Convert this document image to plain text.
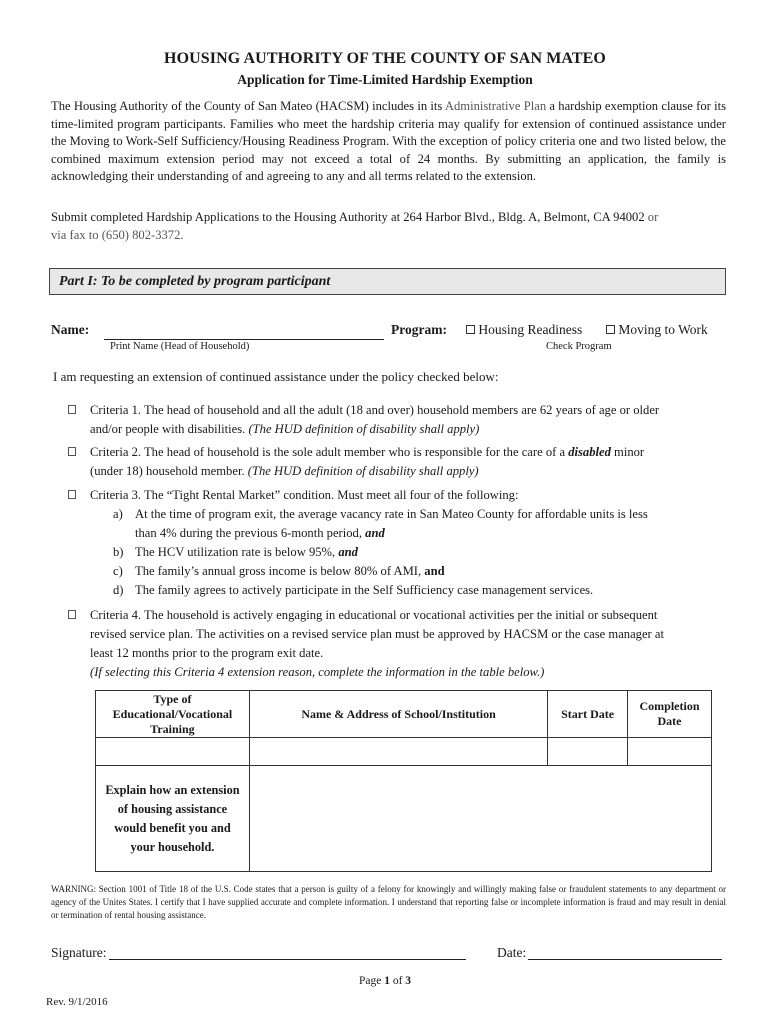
HOUSING AUTHORITY OF THE COUNTY OF SAN MATEO
Application for Time-Limited Hardship Exemption
The Housing Authority of the County of San Mateo (HACSM) includes in its Administrative Plan a hardship exemption clause for its time-limited program participants. Families who meet the hardship criteria may qualify for extension of continued assistance under the Moving to Work-Self Sufficiency/Housing Readiness Program. With the exception of policy criteria one and two listed below, the combined maximum extension period may not exceed a total of 24 months. By submitting an application, the family is acknowledging their understanding of and agreeing to any and all terms related to the extension.
Submit completed Hardship Applications to the Housing Authority at 264 Harbor Blvd., Bldg. A, Belmont, CA 94002 or
via fax to (650) 802-3372.
Part I: To be completed by program participant
Name:
Print Name (Head of Household)
Program:	Housing Readiness	Moving to Work
Check Program
I am requesting an extension of continued assistance under the policy checked below:
Criteria 1. The head of household and all the adult (18 and over) household members are 62 years of age or older
and/or people with disabilities. (The HUD definition of disability shall apply)
Criteria 2. The head of household is the sole adult member who is responsible for the care of a disabled minor
(under 18) household member. (The HUD definition of disability shall apply)
Criteria 3. The “Tight Rental Market” condition. Must meet all four of the following:
a) At the time of program exit, the average vacancy rate in San Mateo County for affordable units is less
than 4% during the previous 6-month period, and
b) The HCV utilization rate is below 95%, and
c) The family’s annual gross income is below 80% of AMI, and
d) The family agrees to actively participate in the Self Sufficiency case management services.
Criteria 4. The household is actively engaging in educational or vocational activities per the initial or subsequent
revised service plan. The activities on a revised service plan must be approved by HACSM or the case manager at
least 12 months prior to the program exit date.
(If selecting this Criteria 4 extension reason, complete the information in the table below.)
Type of Educational/Vocational Training	Name & Address of School/Institution	Start Date	Completion Date

Explain how an extension of housing assistance would benefit you and your household.			
WARNING: Section 1001 of Title 18 of the U.S. Code states that a person is guilty of a felony for knowingly and willingly making false or fraudulent statements to any department or agency of the Unites States. I certify that I have supplied accurate and complete information. I understand that reporting false or incomplete information is fraud and may result in denial or termination of rental housing assistance.
Signature:	Date:
Page 1 of 3
Rev. 9/1/2016
